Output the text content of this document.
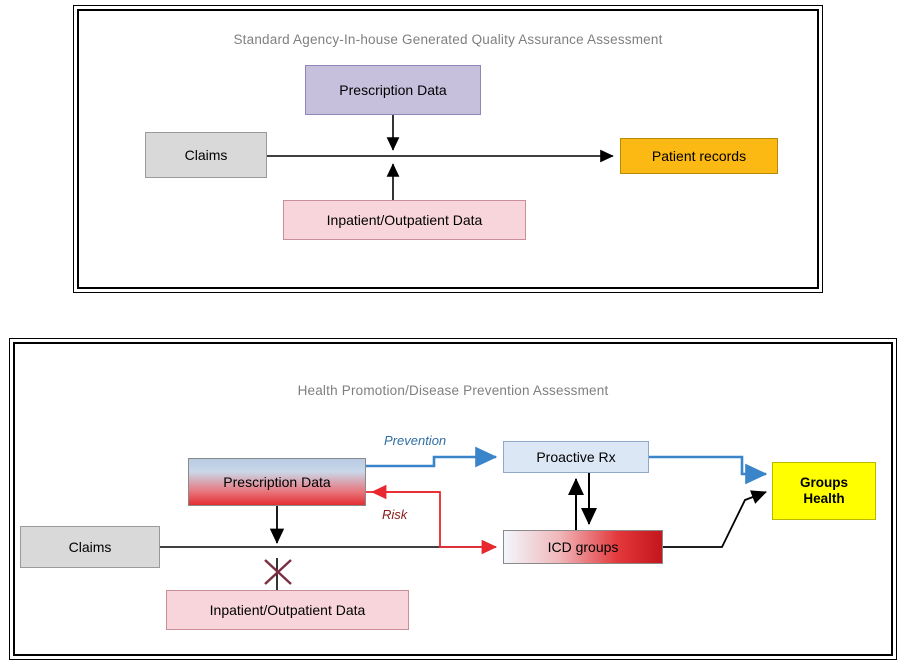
Standard Agency-In-house Generated Quality Assurance Assessment
Prescription Data
Claims
Inpatient/Outpatient Data
Patient records
Health Promotion/Disease Prevention Assessment
Prescription Data
Claims
Inpatient/Outpatient Data
Proactive Rx
ICD groups
Groups
Health
Prevention
Risk
